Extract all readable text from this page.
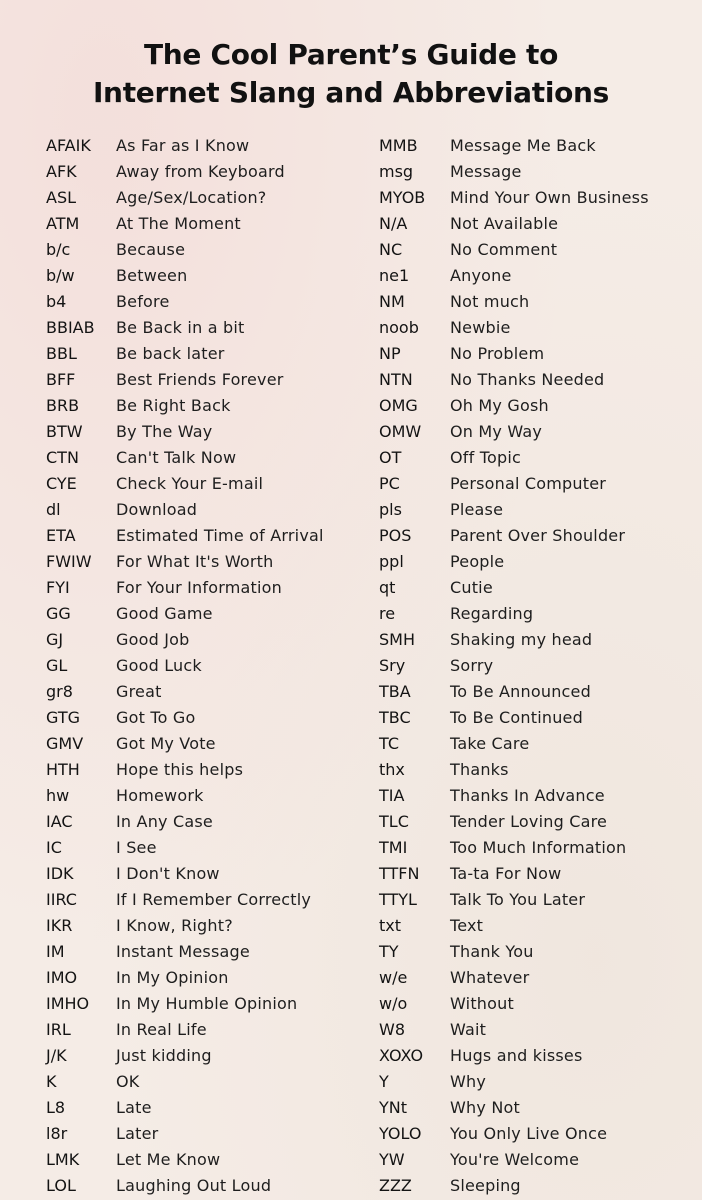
The Cool Parent’s Guide to
Internet Slang and Abbreviations
AFAIK	As Far as I Know
AFK	Away from Keyboard
ASL	Age/Sex/Location?
ATM	At The Moment
b/c	Because
b/w	Between
b4	Before
BBIAB	Be Back in a bit
BBL	Be back later
BFF	Best Friends Forever
BRB	Be Right Back
BTW	By The Way
CTN	Can't Talk Now
CYE	Check Your E-mail
dl	Download
ETA	Estimated Time of Arrival
FWIW	For What It's Worth
FYI	For Your Information
GG	Good Game
GJ	Good Job
GL	Good Luck
gr8	Great
GTG	Got To Go
GMV	Got My Vote
HTH	Hope this helps
hw	Homework
IAC	In Any Case
IC	I See
IDK	I Don't Know
IIRC	If I Remember Correctly
IKR	I Know, Right?
IM	Instant Message
IMO	In My Opinion
IMHO	In My Humble Opinion
IRL	In Real Life
J/K	Just kidding
K	OK
L8	Late
l8r	Later
LMK	Let Me Know
LOL	Laughing Out Loud
MMB	Message Me Back
msg	Message
MYOB	Mind Your Own Business
N/A	Not Available
NC	No Comment
ne1	Anyone
NM	Not much
noob	Newbie
NP	No Problem
NTN	No Thanks Needed
OMG	Oh My Gosh
OMW	On My Way
OT	Off Topic
PC	Personal Computer
pls	Please
POS	Parent Over Shoulder
ppl	People
qt	Cutie
re	Regarding
SMH	Shaking my head
Sry	Sorry
TBA	To Be Announced
TBC	To Be Continued
TC	Take Care
thx	Thanks
TIA	Thanks In Advance
TLC	Tender Loving Care
TMI	Too Much Information
TTFN	Ta-ta For Now
TTYL	Talk To You Later
txt	Text
TY	Thank You
w/e	Whatever
w/o	Without
W8	Wait
XOXO	Hugs and kisses
Y	Why
YNt	Why Not
YOLO	You Only Live Once
YW	You're Welcome
ZZZ	Sleeping
